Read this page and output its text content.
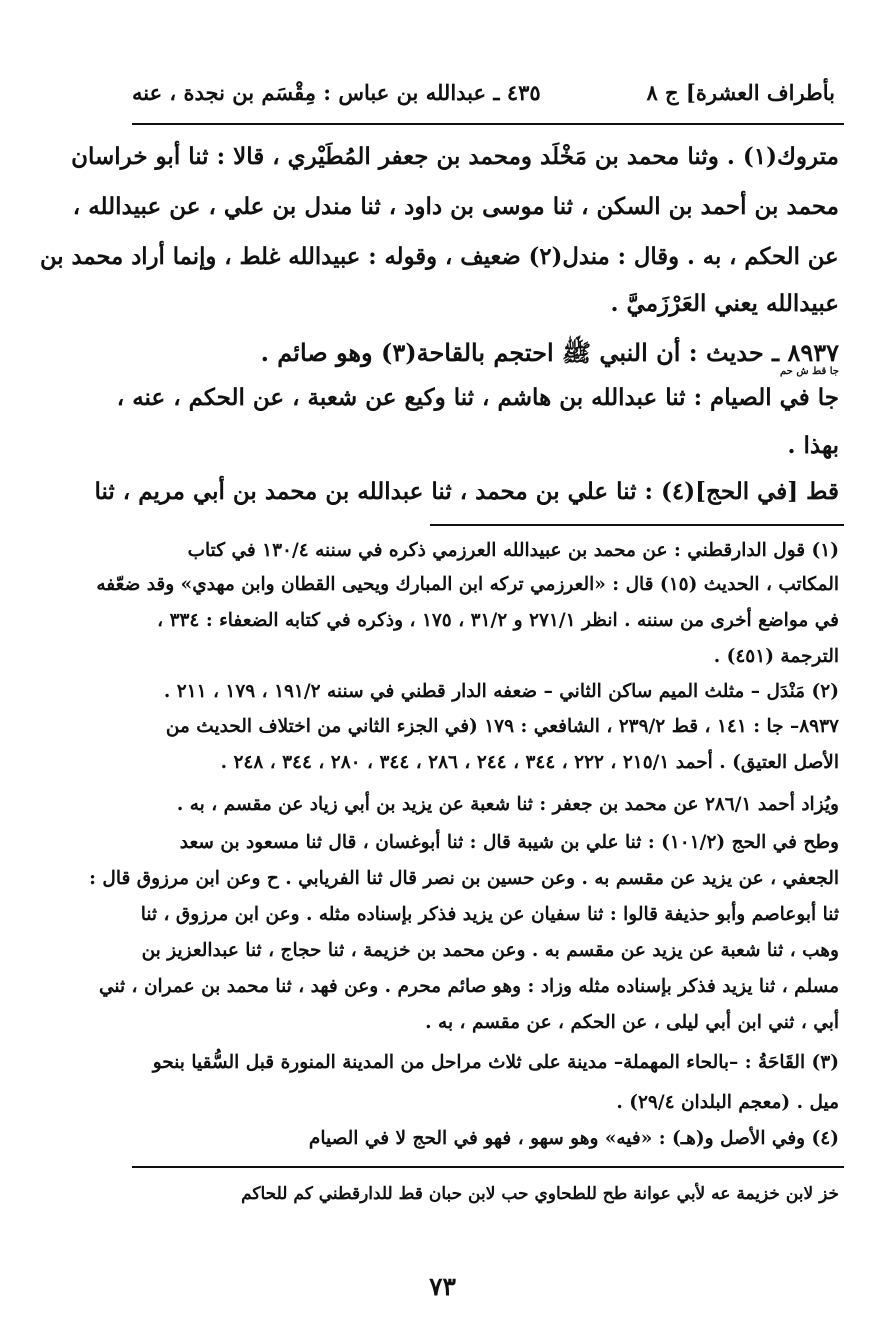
بأطراف العشرة] ج ٨
٤٣٥ ـ عبدالله بن عباس : مِقْسَم بن نجدة ، عنه
متروك(١) . وثنا محمد بن مَخْلَد ومحمد بن جعفر المُطَيْري ، قالا : ثنا أبو خراسان
محمد بن أحمد بن السكن ، ثنا موسى بن داود ، ثنا مندل بن علي ، عن عبيدالله ،
عن الحكم ، به . وقال : مندل(٢) ضعيف ، وقوله : عبيدالله غلط ، وإنما أراد محمد بن
عبيدالله يعني العَرْزَميَّ .
٨٩٣٧ ـ حديث : أن النبي ﷺ احتجم بالقاحة(٣) وهو صائم .
جا قط ش حم
جا في الصيام : ثنا عبدالله بن هاشم ، ثنا وكيع عن شعبة ، عن الحكم ، عنه ،
بهذا .
قط [في الحج](٤) : ثنا علي بن محمد ، ثنا عبدالله بن محمد بن أبي مريم ، ثنا
(١) قول الدارقطني : عن محمد بن عبيدالله العرزمي ذكره في سننه ١٣٠/٤ في كتاب
المكاتب ، الحديث (١٥) قال : «العرزمي تركه ابن المبارك ويحيى القطان وابن مهدي» وقد ضعّفه
في مواضع أخرى من سننه . انظر ٢٧١/١ و ٣١/٢ ، ١٧٥ ، وذكره في كتابه الضعفاء : ٣٣٤ ،
الترجمة (٤٥١) .
(٢) مَنْدَل – مثلث الميم ساكن الثاني – ضعفه الدار قطني في سننه ١٩١/٢ ، ١٧٩ ، ٢١١ .
٨٩٣٧– جا : ١٤١ ، قط ٢٣٩/٢ ، الشافعي : ١٧٩ (في الجزء الثاني من اختلاف الحديث من
الأصل العتيق) . أحمد ٢١٥/١ ، ٢٢٢ ، ٣٤٤ ، ٢٤٤ ، ٢٨٦ ، ٣٤٤ ، ٢٨٠ ، ٣٤٤ ، ٢٤٨ .
ويُزاد أحمد ٢٨٦/١ عن محمد بن جعفر : ثنا شعبة عن يزيد بن أبي زياد عن مقسم ، به .
وطح في الحج (١٠١/٢) : ثنا علي بن شيبة قال : ثنا أبوغسان ، قال ثنا مسعود بن سعد
الجعفي ، عن يزيد عن مقسم به . وعن حسين بن نصر قال ثنا الفريابي . ح وعن ابن مرزوق قال :
ثنا أبوعاصم وأبو حذيفة قالوا : ثنا سفيان عن يزيد فذكر بإسناده مثله . وعن ابن مرزوق ، ثنا
وهب ، ثنا شعبة عن يزيد عن مقسم به . وعن محمد بن خزيمة ، ثنا حجاج ، ثنا عبدالعزيز بن
مسلم ، ثنا يزيد فذكر بإسناده مثله وزاد : وهو صائم محرم . وعن فهد ، ثنا محمد بن عمران ، ثني
أبي ، ثني ابن أبي ليلى ، عن الحكم ، عن مقسم ، به .
(٣) القَاحَةُ : –بالحاء المهملة– مدينة على ثلاث مراحل من المدينة المنورة قبل السُّقيا بنحو
ميل . (معجم البلدان ٢٩/٤) .
(٤) وفي الأصل و(هـ) : «فيه» وهو سهو ، فهو في الحج لا في الصيام
خز لابن خزيمة عه لأبي عوانة طح للطحاوي حب لابن حبان قط للدارقطني كم للحاكم
٧٣
